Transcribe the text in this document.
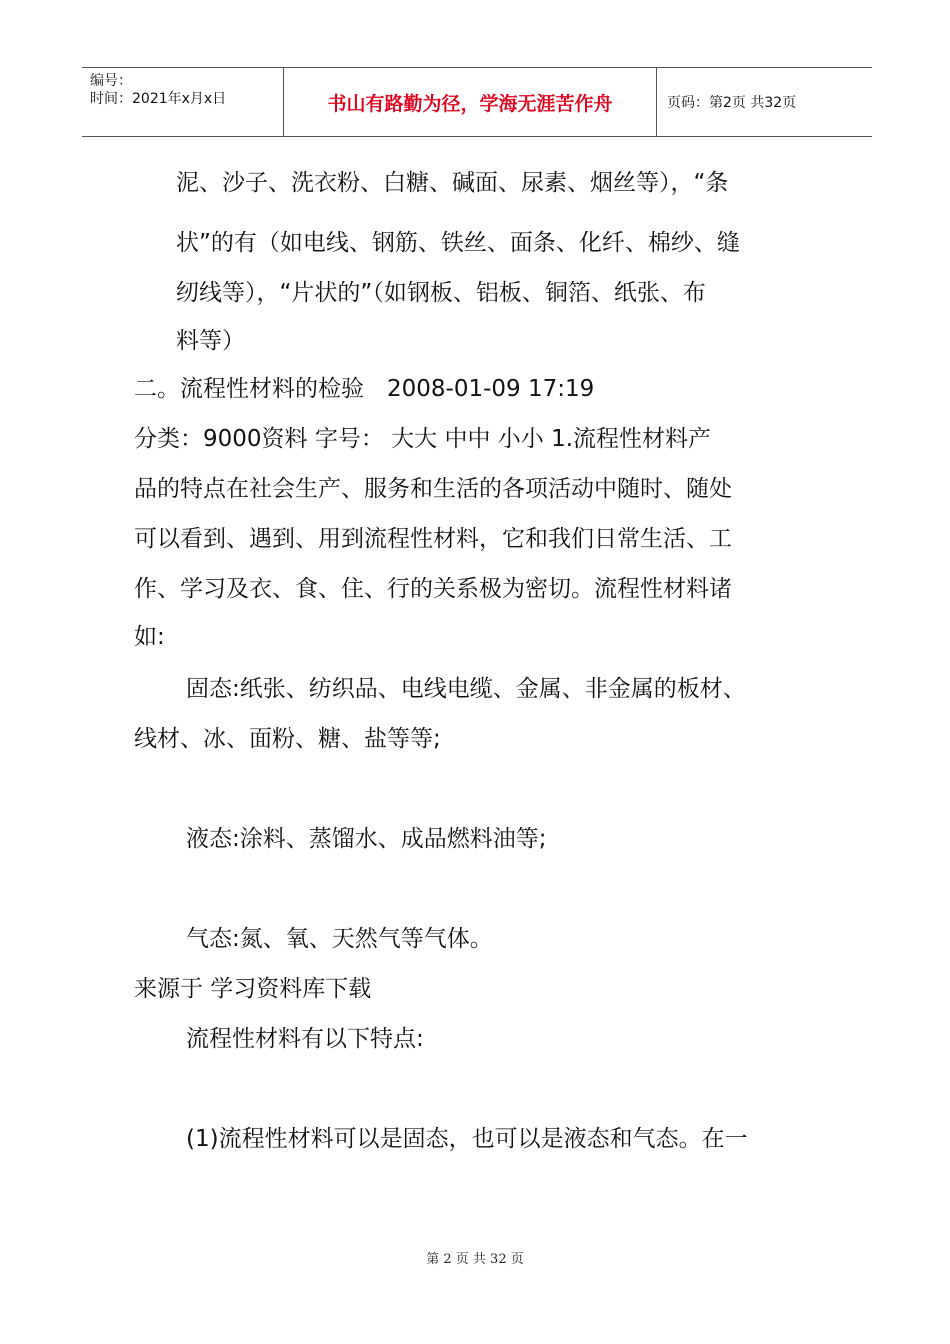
编号：
时间：2021年x月x日	书山有路勤为径，学海无涯苦作舟	页码：第2页 共32页
泥、沙子、洗衣粉、白糖、碱面、尿素、烟丝等），“条
状”的有（如电线、钢筋、铁丝、面条、化纤、棉纱、缝
纫线等），“片状的”（如钢板、铝板、铜箔、纸张、布
料等）
二。流程性材料的检验　2008-01-09 17:19
分类：9000资料 字号： 大大 中中 小小 1.流程性材料产
品的特点在社会生产、服务和生活的各项活动中随时、随处
可以看到、遇到、用到流程性材料，它和我们日常生活、工
作、学习及衣、食、住、行的关系极为密切。流程性材料诸
如:
固态:纸张、纺织品、电线电缆、金属、非金属的板材、
线材、冰、面粉、糖、盐等等;
液态:涂料、蒸馏水、成品燃料油等;
气态:氮、氧、天然气等气体。
来源于 学习资料库下载
流程性材料有以下特点:
(1)流程性材料可以是固态，也可以是液态和气态。在一
第 2 页 共 32 页
